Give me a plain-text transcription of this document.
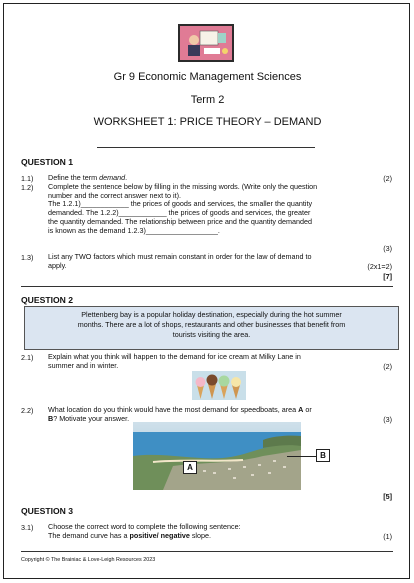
Gr 9 Economic Management Sciences
Term 2
WORKSHEET 1: PRICE THEORY – DEMAND
QUESTION 1
1.1) Define the term demand.	(2)
1.2) Complete the sentence below by filling in the missing words. (Write only the question
number and the correct answer next to it).
The 1.2.1)____________ the prices of goods and services, the smaller the quantity
demanded. The 1.2.2)____________ the prices of goods and services, the greater
the quantity demanded. The relationship between price and the quantity demanded
is known as the demand 1.2.3)__________________.
(3)
1.3) List any TWO factors which must remain constant in order for the law of demand to
apply.	(2x1=2)
[7]
QUESTION 2
Plettenberg bay is a popular holiday destination, especially during the hot summer
months. There are a lot of shops, restaurants and other businesses that benefit from
tourists visiting the area.
2.1) Explain what you think will happen to the demand for ice cream at Milky Lane in
summer and in winter.	(2)
2.2) What location do you think would have the most demand for speedboats, area A or
B? Motivate your answer.	(3)
A
B
[5]
QUESTION 3
3.1) Choose the correct word to complete the following sentence:
The demand curve has a positive/ negative slope.	(1)
Copyright © The Brainiac & Love-Leigh Resources 2023
